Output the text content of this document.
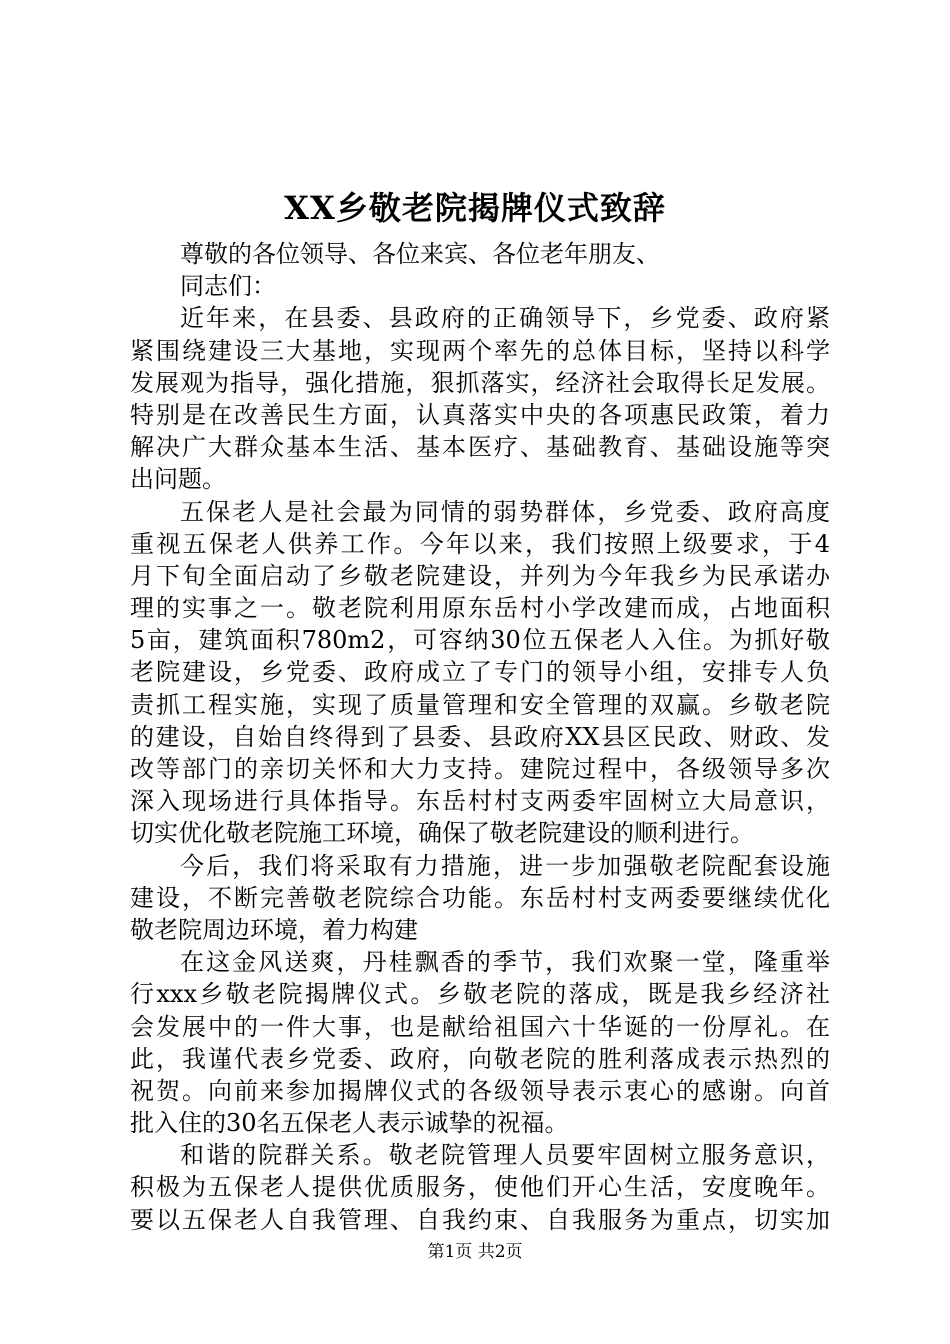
XX乡敬老院揭牌仪式致辞

尊敬的各位领导、各位来宾、各位老年朋友、

同志们：

近年来，在县委、县政府的正确领导下，乡党委、政府紧

紧围绕建设三大基地，实现两个率先的总体目标，坚持以科学

发展观为指导，强化措施，狠抓落实，经济社会取得长足发展。

特别是在改善民生方面，认真落实中央的各项惠民政策，着力

解决广大群众基本生活、基本医疗、基础教育、基础设施等突

出问题。

五保老人是社会最为同情的弱势群体，乡党委、政府高度

重视五保老人供养工作。今年以来，我们按照上级要求，于4

月下旬全面启动了乡敬老院建设，并列为今年我乡为民承诺办

理的实事之一。敬老院利用原东岳村小学改建而成，占地面积

5亩，建筑面积780m2，可容纳30位五保老人入住。为抓好敬

老院建设，乡党委、政府成立了专门的领导小组，安排专人负

责抓工程实施，实现了质量管理和安全管理的双赢。乡敬老院

的建设，自始自终得到了县委、县政府XX县区民政、财政、发

改等部门的亲切关怀和大力支持。建院过程中，各级领导多次

深入现场进行具体指导。东岳村村支两委牢固树立大局意识，

切实优化敬老院施工环境，确保了敬老院建设的顺利进行。

今后，我们将采取有力措施，进一步加强敬老院配套设施

建设，不断完善敬老院综合功能。东岳村村支两委要继续优化

敬老院周边环境，着力构建

在这金风送爽，丹桂飘香的季节，我们欢聚一堂，隆重举

行xxx乡敬老院揭牌仪式。乡敬老院的落成，既是我乡经济社

会发展中的一件大事，也是献给祖国六十华诞的一份厚礼。在

此，我谨代表乡党委、政府，向敬老院的胜利落成表示热烈的

祝贺。向前来参加揭牌仪式的各级领导表示衷心的感谢。向首

批入住的30名五保老人表示诚挚的祝福。

和谐的院群关系。敬老院管理人员要牢固树立服务意识，

积极为五保老人提供优质服务，使他们开心生活，安度晚年。

要以五保老人自我管理、自我约束、自我服务为重点，切实加

第1页 共2页
